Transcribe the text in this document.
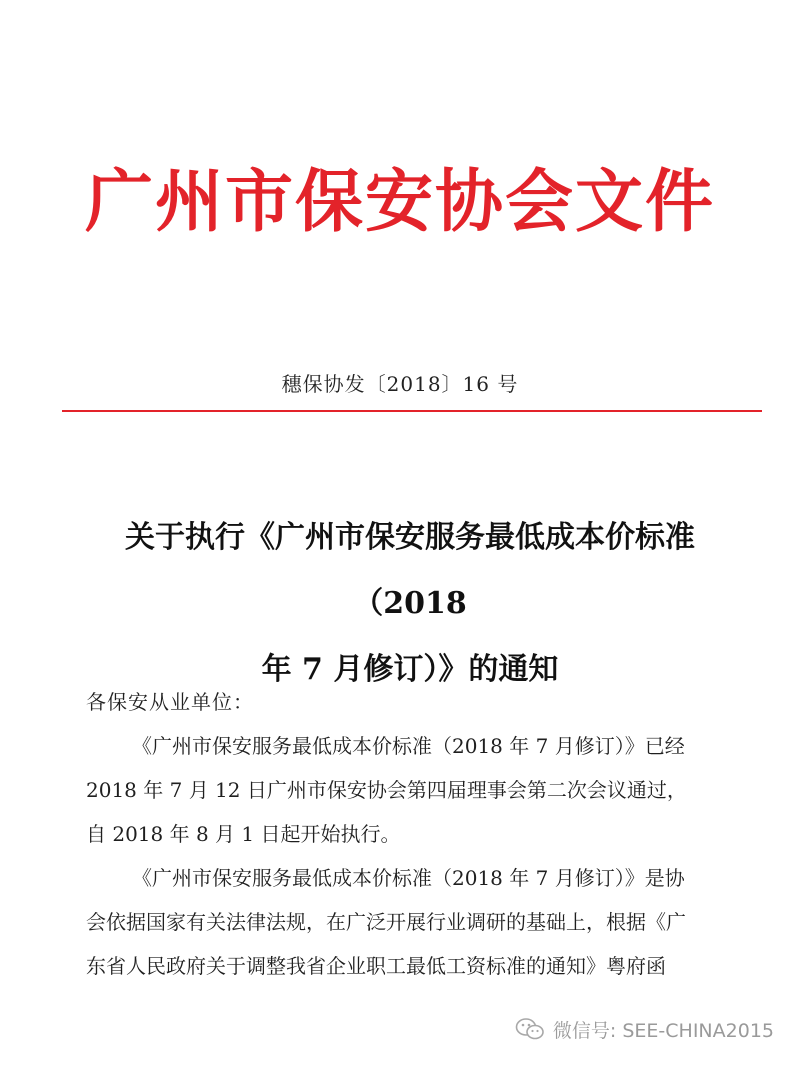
广州市保安协会文件
穗保协发〔2018〕16 号
关于执行《广州市保安服务最低成本价标准（2018
年 7 月修订）》的通知

各保安从业单位：

《广州市保安服务最低成本价标准（2018 年 7 月修订）》已经
2018 年 7 月 12 日广州市保安协会第四届理事会第二次会议通过，
自 2018 年 8 月 1 日起开始执行。

《广州市保安服务最低成本价标准（2018 年 7 月修订）》是协
会依据国家有关法律法规，在广泛开展行业调研的基础上，根据《广
东省人民政府关于调整我省企业职工最低工资标准的通知》粤府函

微信号: SEE-CHINA2015
